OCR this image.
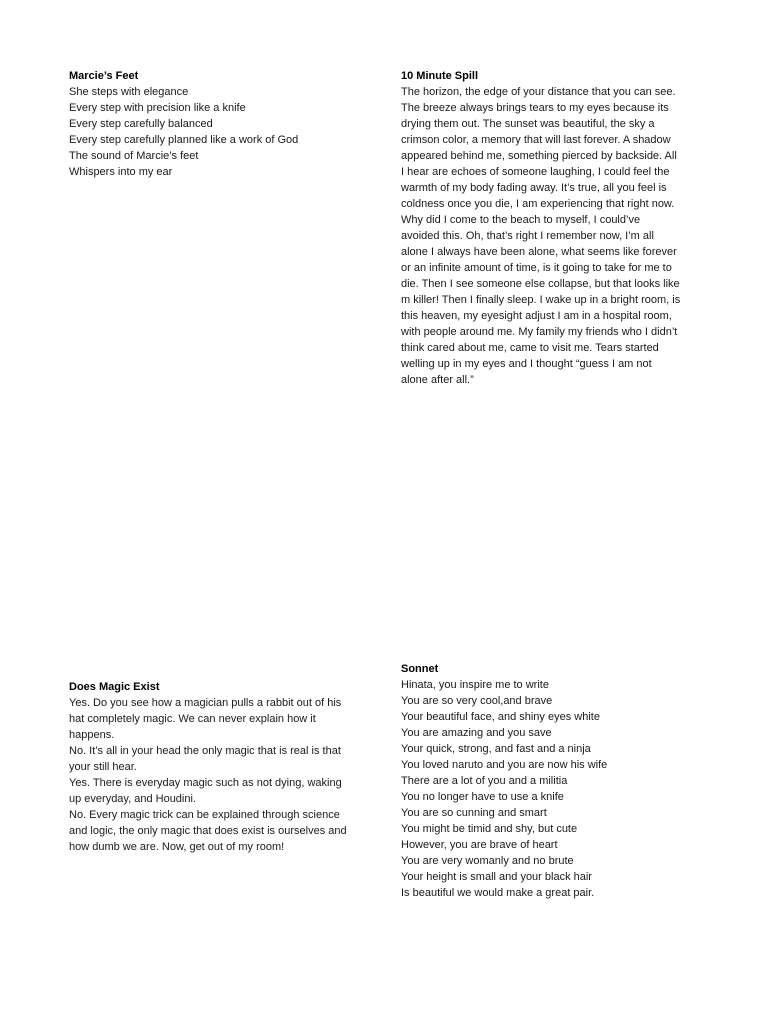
Marcie’s Feet
She steps with elegance
Every step with precision like a knife
Every step carefully balanced
Every step carefully planned like a work of God
The sound of Marcie’s feet
Whispers into my ear
10 Minute Spill
The horizon, the edge of your distance that you can see.
The breeze always brings tears to my eyes because its
drying them out. The sunset was beautiful, the sky a
crimson color, a memory that will last forever. A shadow
appeared behind me, something pierced by backside. All
I hear are echoes of someone laughing, I could feel the
warmth of my body fading away. It’s true, all you feel is
coldness once you die, I am experiencing that right now.
Why did I come to the beach to myself, I could’ve
avoided this. Oh, that’s right I remember now, I’m all
alone I always have been alone, what seems like forever
or an infinite amount of time, is it going to take for me to
die. Then I see someone else collapse, but that looks like
m killer! Then I finally sleep. I wake up in a bright room, is
this heaven, my eyesight adjust I am in a hospital room,
with people around me. My family my friends who I didn’t
think cared about me, came to visit me. Tears started
welling up in my eyes and I thought “guess I am not
alone after all.”
Does Magic Exist
Yes. Do you see how a magician pulls a rabbit out of his
hat completely magic. We can never explain how it
happens.
No. It’s all in your head the only magic that is real is that
your still hear.
Yes. There is everyday magic such as not dying, waking
up everyday, and Houdini.
No. Every magic trick can be explained through science
and logic, the only magic that does exist is ourselves and
how dumb we are. Now, get out of my room!
Sonnet
Hinata, you inspire me to write
You are so very cool,and brave
Your beautiful face, and shiny eyes white
You are amazing and you save
Your quick, strong, and fast and a ninja
You loved naruto and you are now his wife
There are a lot of you and a militia
You no longer have to use a knife
You are so cunning and smart
You might be timid and shy, but cute
However, you are brave of heart
You are very womanly and no brute
Your height is small and your black hair
Is beautiful we would make a great pair.
